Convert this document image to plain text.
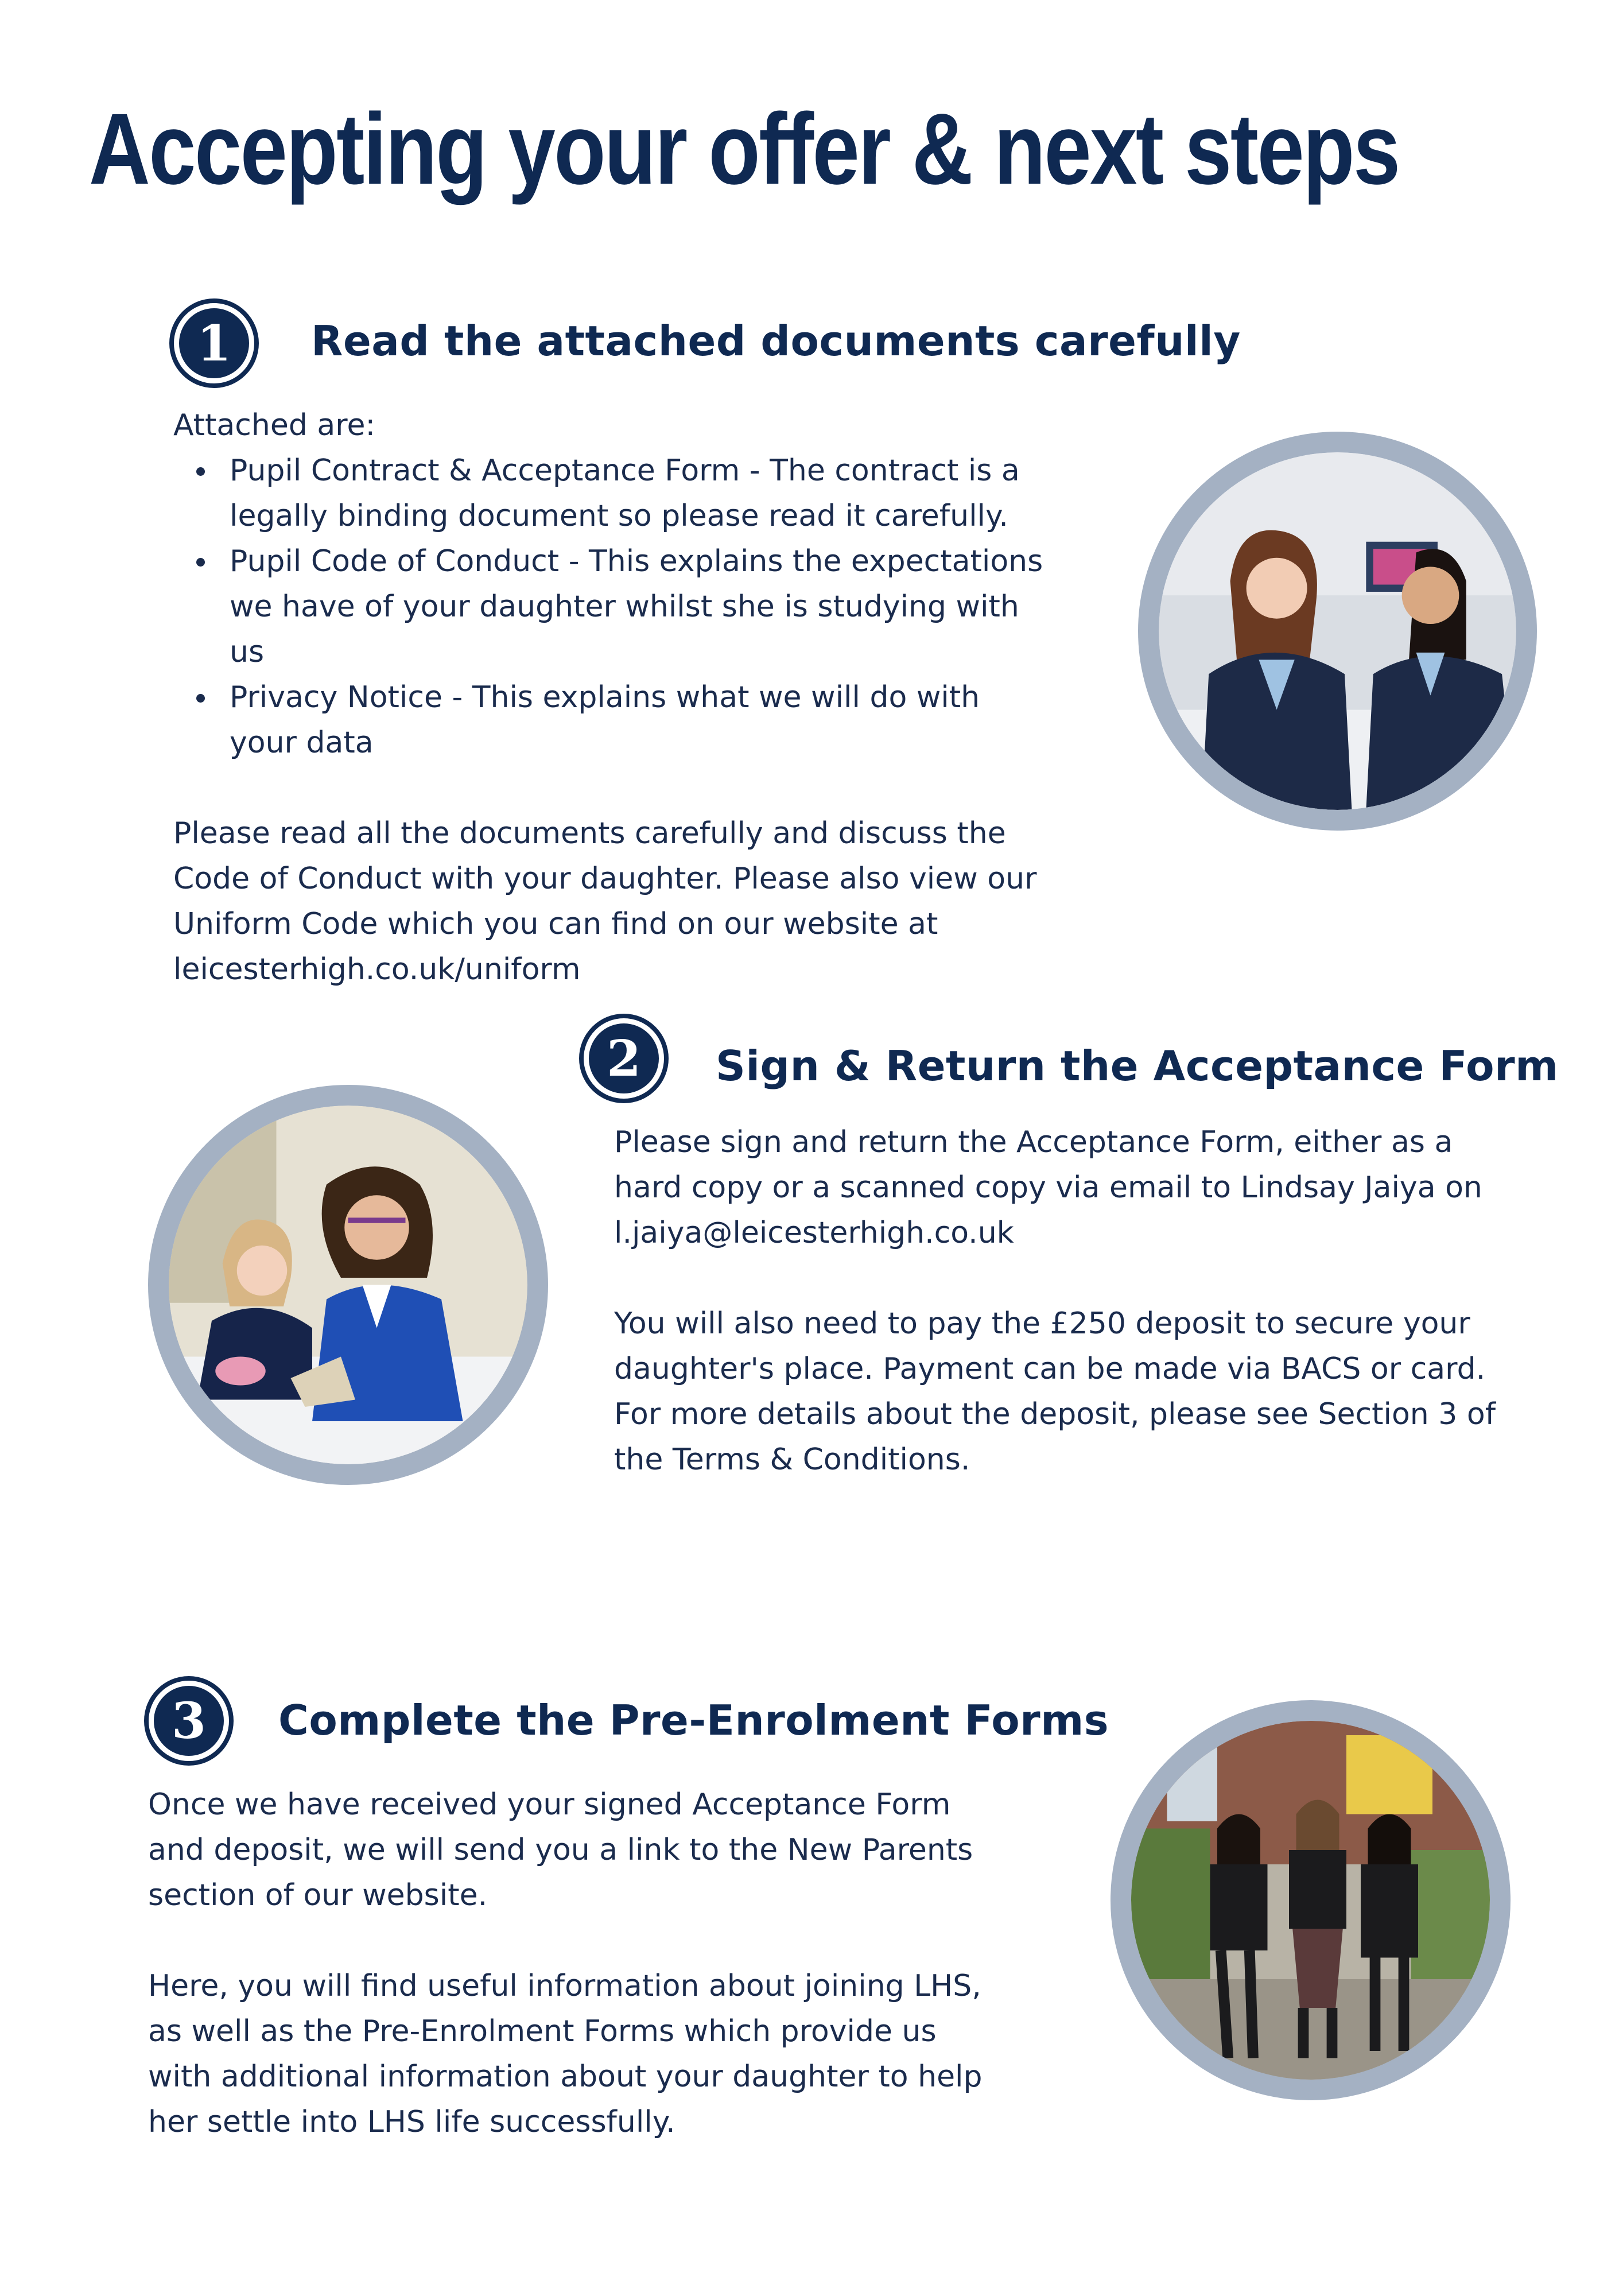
Accepting your offer & next steps
1 Read the attached documents carefully

Attached are:

Pupil Contract & Acceptance Form - The contract is a legally binding document so please read it carefully.
Pupil Code of Conduct - This explains the expectations we have of your daughter whilst she is studying with us
Privacy Notice - This explains what we will do with your data

Please read all the documents carefully and discuss the Code of Conduct with your daughter. Please also view our Uniform Code which you can find on our website at leicesterhigh.co.uk/uniform

2 Sign & Return the Acceptance Form

Please sign and return the Acceptance Form, either as a hard copy or a scanned copy via email to Lindsay Jaiya on l.jaiya@leicesterhigh.co.uk

You will also need to pay the £250 deposit to secure your daughter's place. Payment can be made via BACS or card. For more details about the deposit, please see Section 3 of the Terms & Conditions.

3 Complete the Pre-Enrolment Forms

Once we have received your signed Acceptance Form and deposit, we will send you a link to the New Parents section of our website.

Here, you will find useful information about joining LHS, as well as the Pre-Enrolment Forms which provide us with additional information about your daughter to help her settle into LHS life successfully.
